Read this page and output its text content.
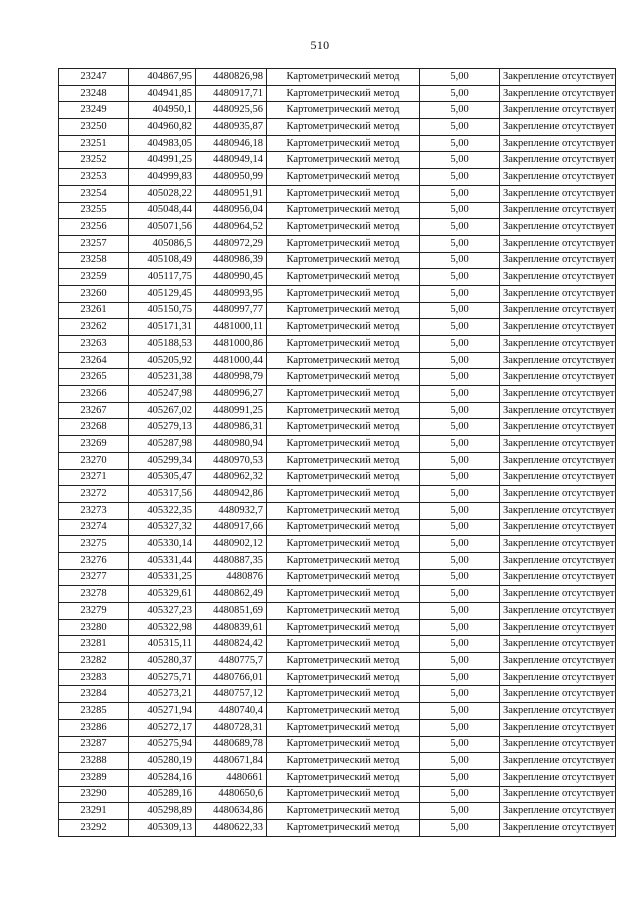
510
23247	404867,95	4480826,98	Картометрический метод	5,00	Закрепление отсутствует
23248	404941,85	4480917,71	Картометрический метод	5,00	Закрепление отсутствует
23249	404950,1	4480925,56	Картометрический метод	5,00	Закрепление отсутствует
23250	404960,82	4480935,87	Картометрический метод	5,00	Закрепление отсутствует
23251	404983,05	4480946,18	Картометрический метод	5,00	Закрепление отсутствует
23252	404991,25	4480949,14	Картометрический метод	5,00	Закрепление отсутствует
23253	404999,83	4480950,99	Картометрический метод	5,00	Закрепление отсутствует
23254	405028,22	4480951,91	Картометрический метод	5,00	Закрепление отсутствует
23255	405048,44	4480956,04	Картометрический метод	5,00	Закрепление отсутствует
23256	405071,56	4480964,52	Картометрический метод	5,00	Закрепление отсутствует
23257	405086,5	4480972,29	Картометрический метод	5,00	Закрепление отсутствует
23258	405108,49	4480986,39	Картометрический метод	5,00	Закрепление отсутствует
23259	405117,75	4480990,45	Картометрический метод	5,00	Закрепление отсутствует
23260	405129,45	4480993,95	Картометрический метод	5,00	Закрепление отсутствует
23261	405150,75	4480997,77	Картометрический метод	5,00	Закрепление отсутствует
23262	405171,31	4481000,11	Картометрический метод	5,00	Закрепление отсутствует
23263	405188,53	4481000,86	Картометрический метод	5,00	Закрепление отсутствует
23264	405205,92	4481000,44	Картометрический метод	5,00	Закрепление отсутствует
23265	405231,38	4480998,79	Картометрический метод	5,00	Закрепление отсутствует
23266	405247,98	4480996,27	Картометрический метод	5,00	Закрепление отсутствует
23267	405267,02	4480991,25	Картометрический метод	5,00	Закрепление отсутствует
23268	405279,13	4480986,31	Картометрический метод	5,00	Закрепление отсутствует
23269	405287,98	4480980,94	Картометрический метод	5,00	Закрепление отсутствует
23270	405299,34	4480970,53	Картометрический метод	5,00	Закрепление отсутствует
23271	405305,47	4480962,32	Картометрический метод	5,00	Закрепление отсутствует
23272	405317,56	4480942,86	Картометрический метод	5,00	Закрепление отсутствует
23273	405322,35	4480932,7	Картометрический метод	5,00	Закрепление отсутствует
23274	405327,32	4480917,66	Картометрический метод	5,00	Закрепление отсутствует
23275	405330,14	4480902,12	Картометрический метод	5,00	Закрепление отсутствует
23276	405331,44	4480887,35	Картометрический метод	5,00	Закрепление отсутствует
23277	405331,25	4480876	Картометрический метод	5,00	Закрепление отсутствует
23278	405329,61	4480862,49	Картометрический метод	5,00	Закрепление отсутствует
23279	405327,23	4480851,69	Картометрический метод	5,00	Закрепление отсутствует
23280	405322,98	4480839,61	Картометрический метод	5,00	Закрепление отсутствует
23281	405315,11	4480824,42	Картометрический метод	5,00	Закрепление отсутствует
23282	405280,37	4480775,7	Картометрический метод	5,00	Закрепление отсутствует
23283	405275,71	4480766,01	Картометрический метод	5,00	Закрепление отсутствует
23284	405273,21	4480757,12	Картометрический метод	5,00	Закрепление отсутствует
23285	405271,94	4480740,4	Картометрический метод	5,00	Закрепление отсутствует
23286	405272,17	4480728,31	Картометрический метод	5,00	Закрепление отсутствует
23287	405275,94	4480689,78	Картометрический метод	5,00	Закрепление отсутствует
23288	405280,19	4480671,84	Картометрический метод	5,00	Закрепление отсутствует
23289	405284,16	4480661	Картометрический метод	5,00	Закрепление отсутствует
23290	405289,16	4480650,6	Картометрический метод	5,00	Закрепление отсутствует
23291	405298,89	4480634,86	Картометрический метод	5,00	Закрепление отсутствует
23292	405309,13	4480622,33	Картометрический метод	5,00	Закрепление отсутствует
